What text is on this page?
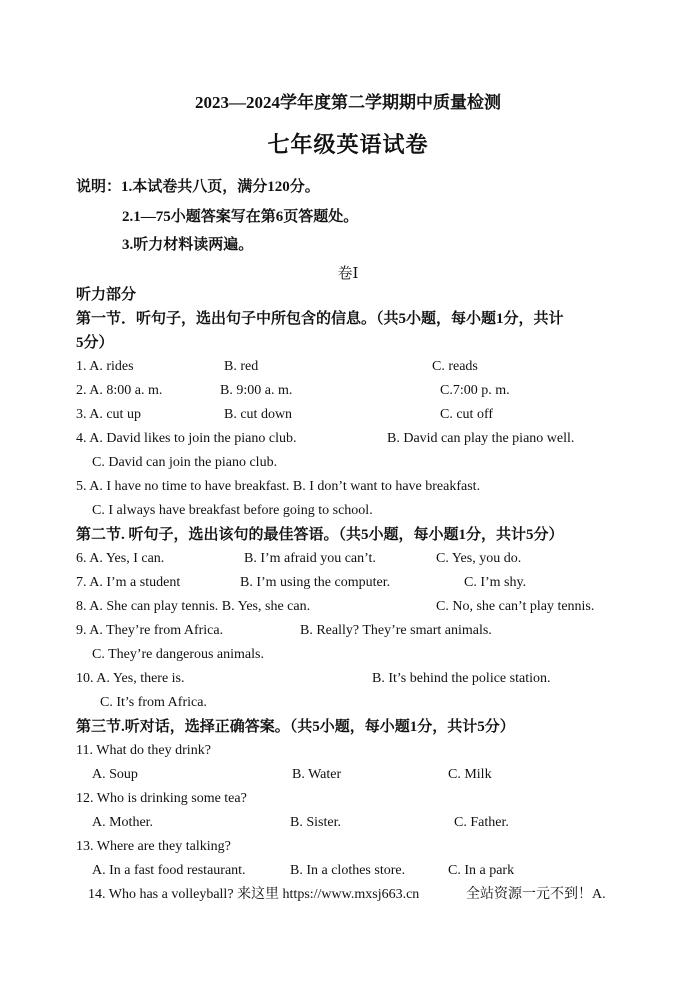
2023—2024学年度第二学期期中质量检测
七年级英语试卷
说明：1.本试卷共八页，满分120分。
2.1—75小题答案写在第6页答题处。
3.听力材料读两遍。
卷Ⅰ
听力部分
第一节．听句子，选出句子中所包含的信息。（共5小题，每小题1分，共计
5分）
1. A. rides	B. red	C. reads
2. A. 8:00 a. m.	B. 9:00 a. m.	C.7:00 p. m.
3. A. cut up	B. cut down	C. cut off
4. A. David likes to join the piano club.	B. David can play the piano well.
C. David can join the piano club.
5. A. I have no time to have breakfast. B. I don’t want to have breakfast.
C. I always have breakfast before going to school.
第二节. 听句子，选出该句的最佳答语。（共5小题，每小题1分，共计5分）
6. A. Yes, I can.	B. I’m afraid you can’t.	C. Yes, you do.
7. A. I’m a student	B. I’m using the computer.	C. I’m shy.
8. A. She can play tennis. B. Yes, she can.	C. No, she can’t play tennis.
9. A. They’re from Africa.	B. Really? They’re smart animals.
C. They’re dangerous animals.
10. A. Yes, there is.	B. It’s behind the police station.
C. It’s from Africa.
第三节.听对话，选择正确答案。（共5小题，每小题1分，共计5分）
11. What do they drink?
A. Soup	B. Water	C. Milk
12. Who is drinking some tea?
A. Mother.	B. Sister.	C. Father.
13. Where are they talking?
A. In a fast food restaurant.	B. In a clothes store.	C. In a park
14. Who has a volleyball? 来这里 https://www.mxsj663.cn	全站资源一元不到！A.
